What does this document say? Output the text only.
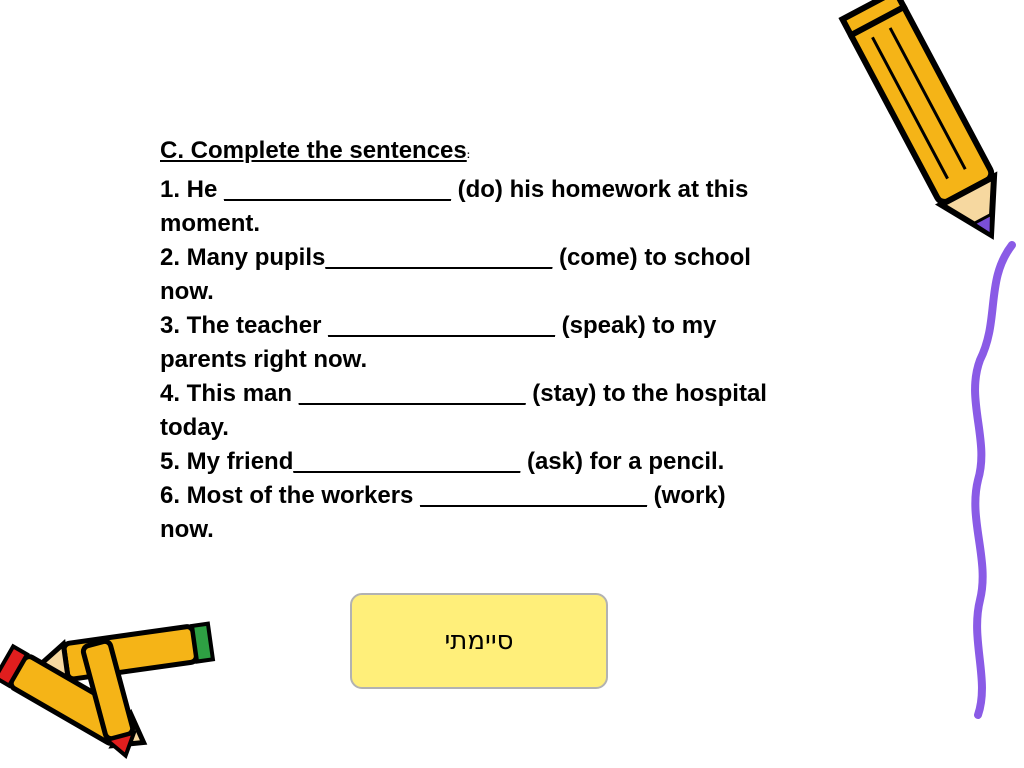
C. Complete the sentences:
1. He _________________ (do) his homework at this
moment.
2. Many pupils_________________ (come) to school
now.
3. The teacher _________________ (speak) to my
parents right now.
4. This man _________________ (stay) to the hospital
today.
5. My friend_________________ (ask) for a pencil.
6. Most of the workers _________________ (work)
now.
סיימתי
